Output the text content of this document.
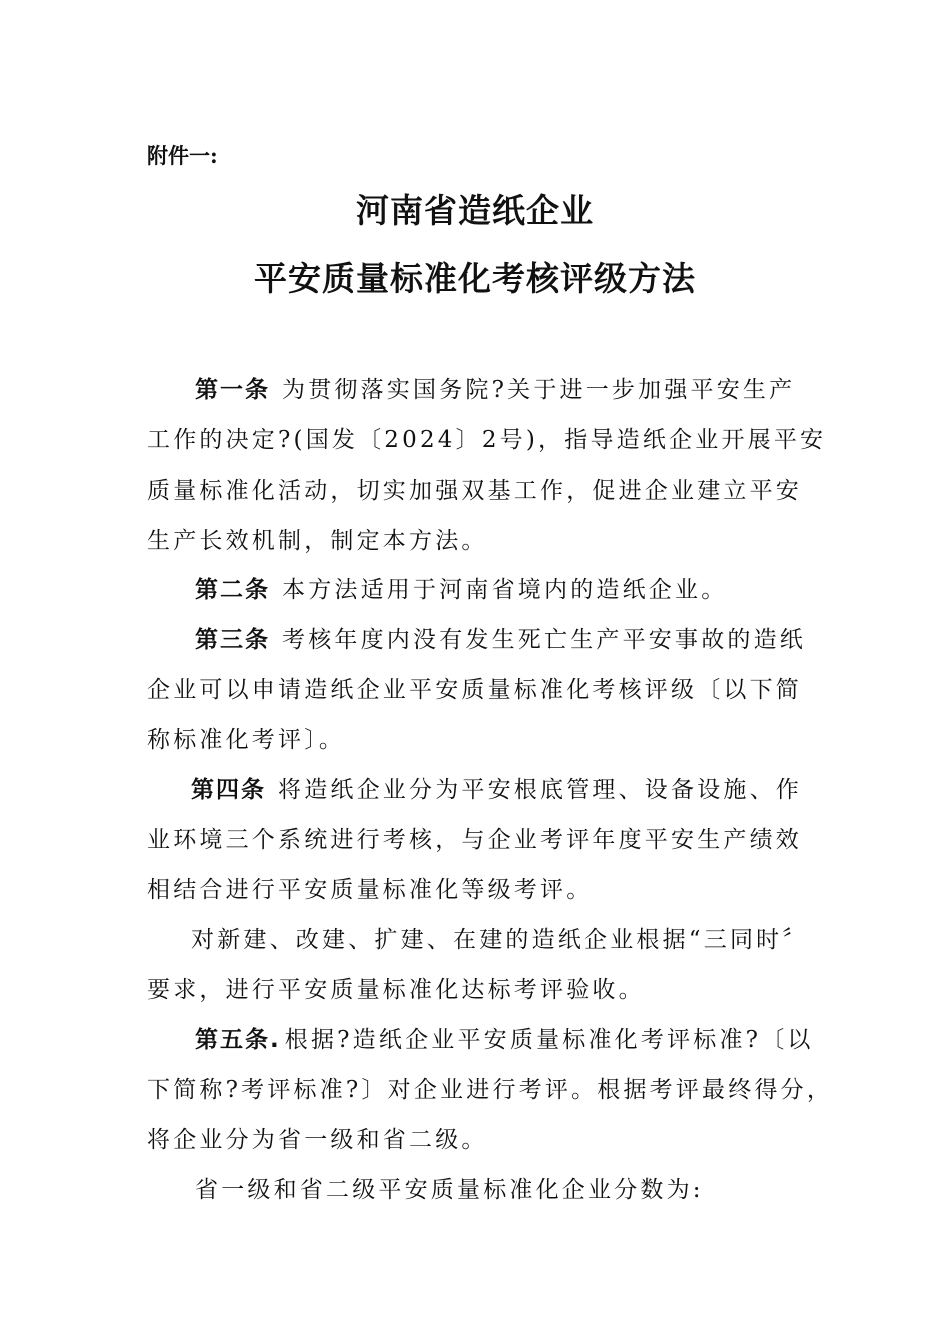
附件一:
河南省造纸企业
平安质量标准化考核评级方法
第一条 为贯彻落实国务院?关于进一步加强平安生产
工作的决定?(国发〔2024〕2号)，指导造纸企业开展平安
质量标准化活动，切实加强双基工作，促进企业建立平安
生产长效机制，制定本方法。
第二条 本方法适用于河南省境内的造纸企业。
第三条 考核年度内没有发生死亡生产平安事故的造纸
企业可以申请造纸企业平安质量标准化考核评级〔以下简
称标准化考评〕。
第四条 将造纸企业分为平安根底管理、设备设施、作
业环境三个系统进行考核，与企业考评年度平安生产绩效
相结合进行平安质量标准化等级考评。
对新建、改建、扩建、在建的造纸企业根据“三同时〞
要求，进行平安质量标准化达标考评验收。
第五条. 根据?造纸企业平安质量标准化考评标准?〔以
下简称?考评标准?〕对企业进行考评。根据考评最终得分，
将企业分为省一级和省二级。
省一级和省二级平安质量标准化企业分数为:
